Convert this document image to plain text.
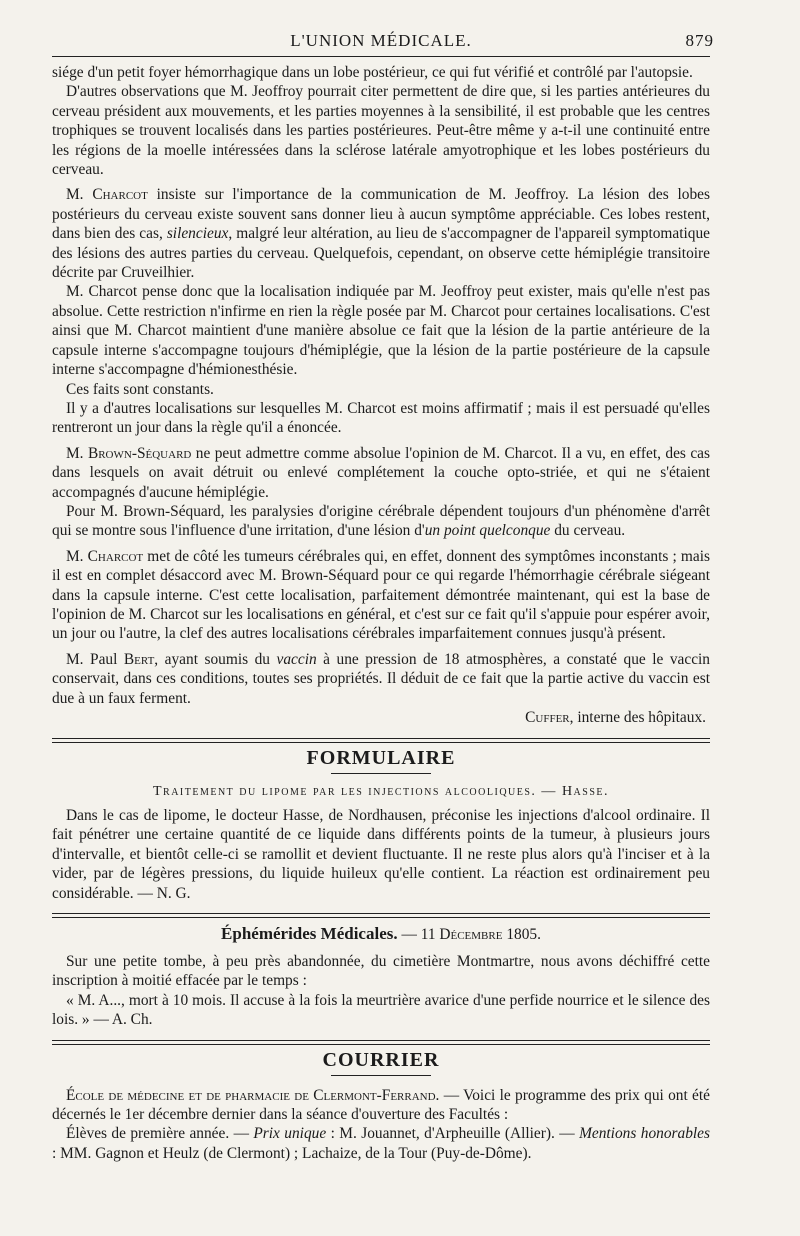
L'UNION MÉDICALE.	879

siége d'un petit foyer hémorrhagique dans un lobe postérieur, ce qui fut vérifié et contrôlé par l'autopsie.

D'autres observations que M. Jeoffroy pourrait citer permettent de dire que, si les parties antérieures du cerveau président aux mouvements, et les parties moyennes à la sensibilité, il est probable que les centres trophiques se trouvent localisés dans les parties postérieures. Peut-être même y a-t-il une continuité entre les régions de la moelle intéressées dans la sclérose latérale amyotrophique et les lobes postérieurs du cerveau.

M. Charcot insiste sur l'importance de la communication de M. Jeoffroy. La lésion des lobes postérieurs du cerveau existe souvent sans donner lieu à aucun symptôme appréciable. Ces lobes restent, dans bien des cas, silencieux, malgré leur altération, au lieu de s'accompagner de l'appareil symptomatique des lésions des autres parties du cerveau. Quelquefois, cependant, on observe cette hémiplégie transitoire décrite par Cruveilhier.

M. Charcot pense donc que la localisation indiquée par M. Jeoffroy peut exister, mais qu'elle n'est pas absolue. Cette restriction n'infirme en rien la règle posée par M. Charcot pour certaines localisations. C'est ainsi que M. Charcot maintient d'une manière absolue ce fait que la lésion de la partie antérieure de la capsule interne s'accompagne toujours d'hémiplégie, que la lésion de la partie postérieure de la capsule interne s'accompagne d'hémionesthésie.

Ces faits sont constants.

Il y a d'autres localisations sur lesquelles M. Charcot est moins affirmatif ; mais il est persuadé qu'elles rentreront un jour dans la règle qu'il a énoncée.

M. Brown-Séquard ne peut admettre comme absolue l'opinion de M. Charcot. Il a vu, en effet, des cas dans lesquels on avait détruit ou enlevé complétement la couche opto-striée, et qui ne s'étaient accompagnés d'aucune hémiplégie.

Pour M. Brown-Séquard, les paralysies d'origine cérébrale dépendent toujours d'un phénomène d'arrêt qui se montre sous l'influence d'une irritation, d'une lésion d'un point quelconque du cerveau.

M. Charcot met de côté les tumeurs cérébrales qui, en effet, donnent des symptômes inconstants ; mais il est en complet désaccord avec M. Brown-Séquard pour ce qui regarde l'hémorrhagie cérébrale siégeant dans la capsule interne. C'est cette localisation, parfaitement démontrée maintenant, qui est la base de l'opinion de M. Charcot sur les localisations en général, et c'est sur ce fait qu'il s'appuie pour espérer avoir, un jour ou l'autre, la clef des autres localisations cérébrales imparfaitement connues jusqu'à présent.

M. Paul Bert, ayant soumis du vaccin à une pression de 18 atmosphères, a constaté que le vaccin conservait, dans ces conditions, toutes ses propriétés. Il déduit de ce fait que la partie active du vaccin est due à un faux ferment.

Cuffer, interne des hôpitaux.
FORMULAIRE
Traitement du lipome par les injections alcooliques. — Hasse.

Dans le cas de lipome, le docteur Hasse, de Nordhausen, préconise les injections d'alcool ordinaire. Il fait pénétrer une certaine quantité de ce liquide dans différents points de la tumeur, à plusieurs jours d'intervalle, et bientôt celle-ci se ramollit et devient fluctuante. Il ne reste plus alors qu'à l'inciser et à la vider, par de légères pressions, du liquide huileux qu'elle contient. La réaction est ordinairement peu considérable. — N. G.

Éphémérides Médicales. — 11 Décembre 1805.

Sur une petite tombe, à peu près abandonnée, du cimetière Montmartre, nous avons déchiffré cette inscription à moitié effacée par le temps :

« M. A..., mort à 10 mois. Il accuse à la fois la meurtrière avarice d'une perfide nourrice et le silence des lois. » — A. Ch.

COURRIER

École de médecine et de pharmacie de Clermont-Ferrand. — Voici le programme des prix qui ont été décernés le 1er décembre dernier dans la séance d'ouverture des Facultés :

Élèves de première année. — Prix unique : M. Jouannet, d'Arpheuille (Allier). — Mentions honorables : MM. Gagnon et Heulz (de Clermont) ; Lachaize, de la Tour (Puy-de-Dôme).
